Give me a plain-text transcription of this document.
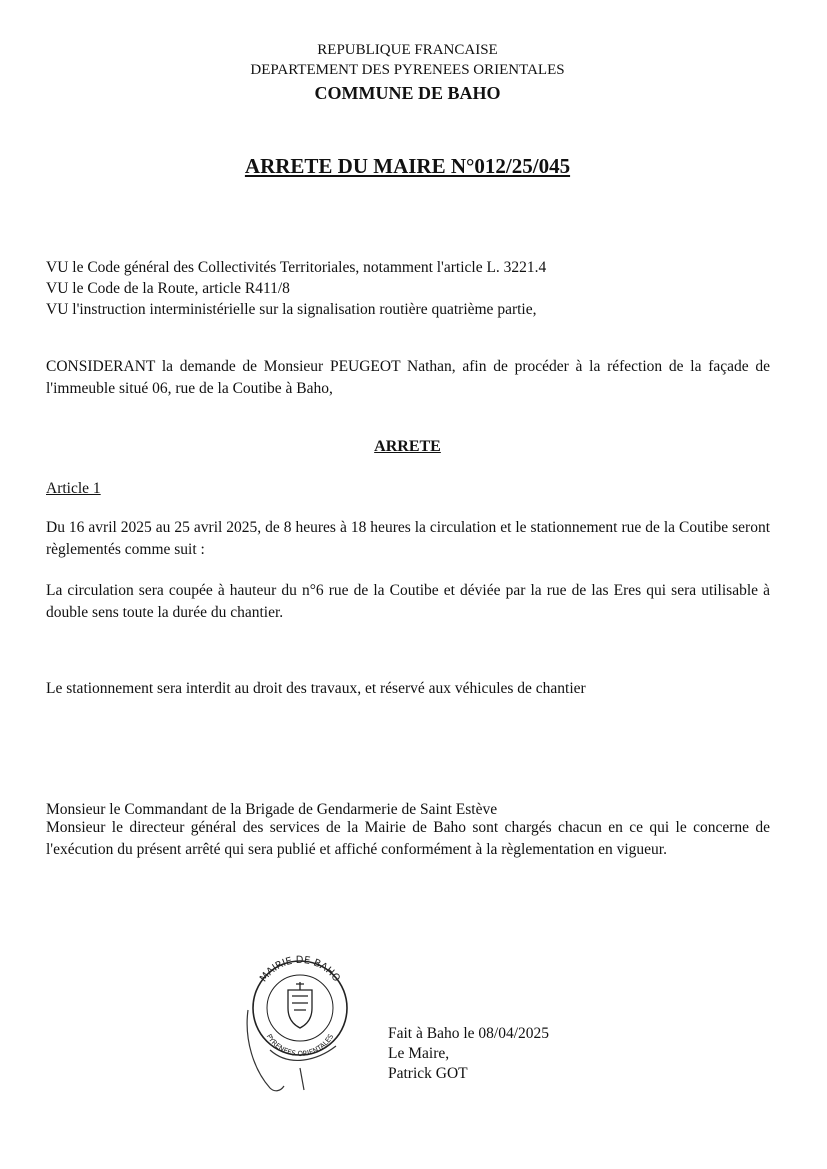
REPUBLIQUE FRANCAISE
DEPARTEMENT DES PYRENEES ORIENTALES
COMMUNE DE BAHO
ARRETE DU MAIRE N°012/25/045
VU le Code général des Collectivités Territoriales, notamment l'article L. 3221.4
VU le Code de la Route, article R411/8
VU l'instruction interministérielle sur la signalisation routière quatrième partie,
CONSIDERANT la demande de Monsieur PEUGEOT Nathan, afin de procéder à la réfection de la façade de l'immeuble situé 06, rue de la Coutibe à Baho,
ARRETE
Article 1
Du 16 avril 2025 au 25 avril 2025, de 8 heures à 18 heures la circulation et le stationnement rue de la Coutibe seront règlementés comme suit :
La circulation sera coupée à hauteur du n°6 rue de la Coutibe et déviée par la rue de las Eres qui sera utilisable à double sens toute la durée du chantier.
Le stationnement sera interdit au droit des travaux, et réservé aux véhicules de chantier
Monsieur le Commandant de la Brigade de Gendarmerie de Saint Estève
Monsieur le directeur général des services de la Mairie de Baho sont chargés chacun en ce qui le concerne de l'exécution du présent arrêté qui sera publié et affiché conformément à la règlementation en vigueur.
MAIRIE DE BAHO
PYRENEES ORIENTALES	Fait à Baho le 08/04/2025
Le Maire,
Patrick GOT
